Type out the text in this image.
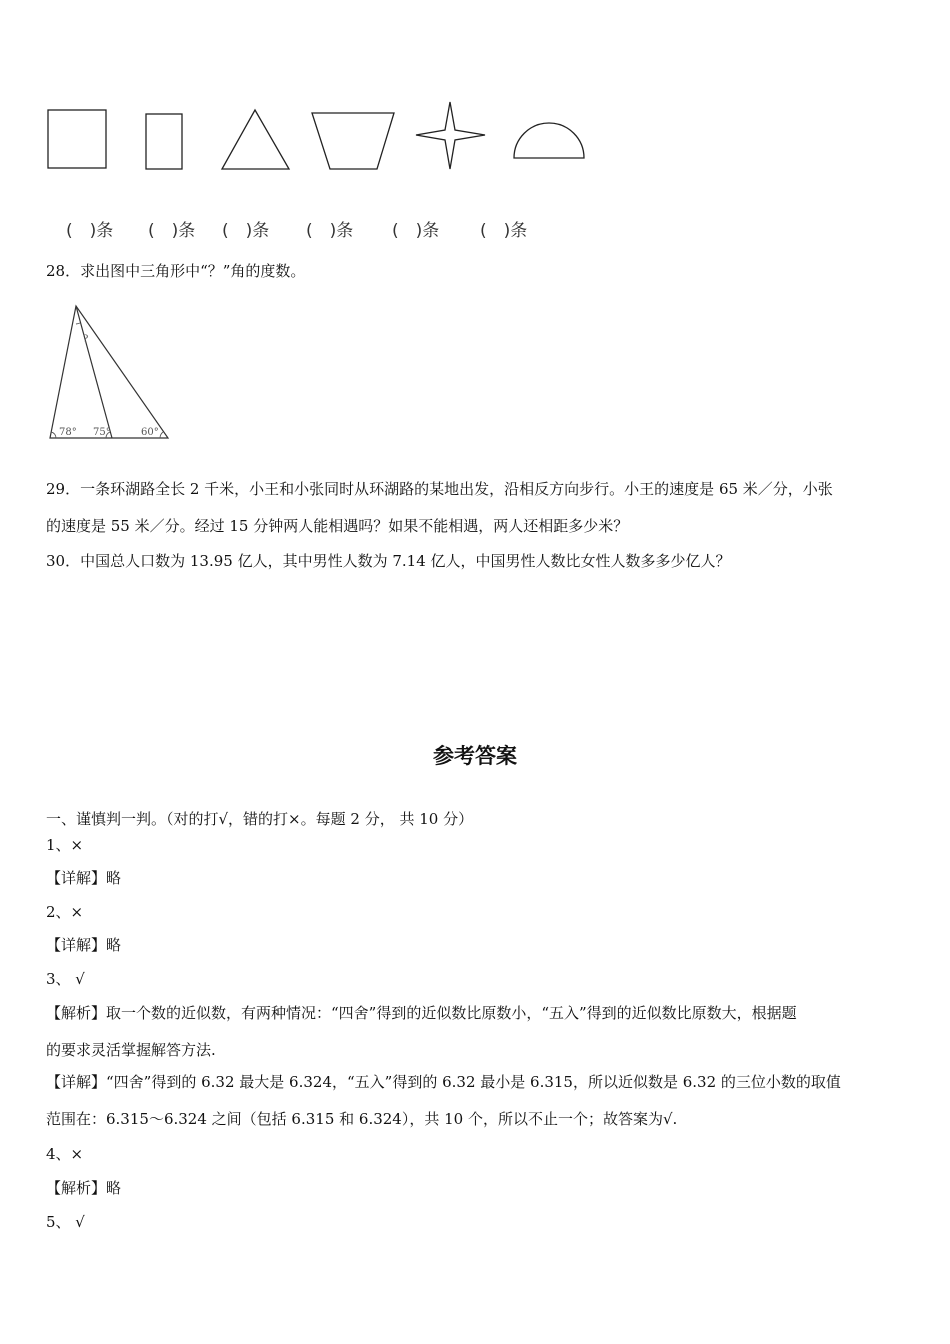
(　)条 (　)条 (　)条 (　)条 (　)条 (　)条
28．求出图中三角形中“？”角的度数。
?
78° 75°	60°
29．一条环湖路全长 2 千米，小王和小张同时从环湖路的某地出发，沿相反方向步行。小王的速度是 65 米／分，小张
的速度是 55 米／分。经过 15 分钟两人能相遇吗？如果不能相遇，两人还相距多少米？
30．中国总人口数为 13.95 亿人，其中男性人数为 7.14 亿人，中国男性人数比女性人数多多少亿人？
参考答案
一、谨慎判一判。（对的打√，错的打×。每题 2 分， 共 10 分）
1、×
【详解】略
2、×
【详解】略
3、 √
【解析】取一个数的近似数，有两种情况：“四舍”得到的近似数比原数小，“五入”得到的近似数比原数大，根据题
的要求灵活掌握解答方法.
【详解】“四舍”得到的 6.32 最大是 6.324，“五入”得到的 6.32 最小是 6.315，所以近似数是 6.32 的三位小数的取值
范围在：6.315～6.324 之间（包括 6.315 和 6.324），共 10 个，所以不止一个；故答案为√.
4、×
【解析】略
5、 √
